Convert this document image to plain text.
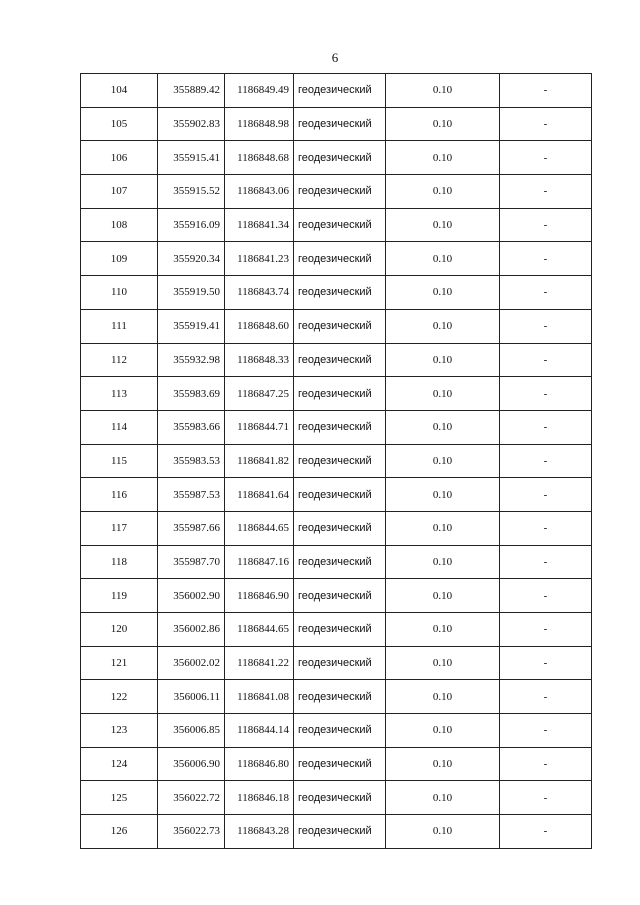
6
104	355889.42	1186849.49	геодезический	0.10	-
105	355902.83	1186848.98	геодезический	0.10	-
106	355915.41	1186848.68	геодезический	0.10	-
107	355915.52	1186843.06	геодезический	0.10	-
108	355916.09	1186841.34	геодезический	0.10	-
109	355920.34	1186841.23	геодезический	0.10	-
110	355919.50	1186843.74	геодезический	0.10	-
111	355919.41	1186848.60	геодезический	0.10	-
112	355932.98	1186848.33	геодезический	0.10	-
113	355983.69	1186847.25	геодезический	0.10	-
114	355983.66	1186844.71	геодезический	0.10	-
115	355983.53	1186841.82	геодезический	0.10	-
116	355987.53	1186841.64	геодезический	0.10	-
117	355987.66	1186844.65	геодезический	0.10	-
118	355987.70	1186847.16	геодезический	0.10	-
119	356002.90	1186846.90	геодезический	0.10	-
120	356002.86	1186844.65	геодезический	0.10	-
121	356002.02	1186841.22	геодезический	0.10	-
122	356006.11	1186841.08	геодезический	0.10	-
123	356006.85	1186844.14	геодезический	0.10	-
124	356006.90	1186846.80	геодезический	0.10	-
125	356022.72	1186846.18	геодезический	0.10	-
126	356022.73	1186843.28	геодезический	0.10	-
